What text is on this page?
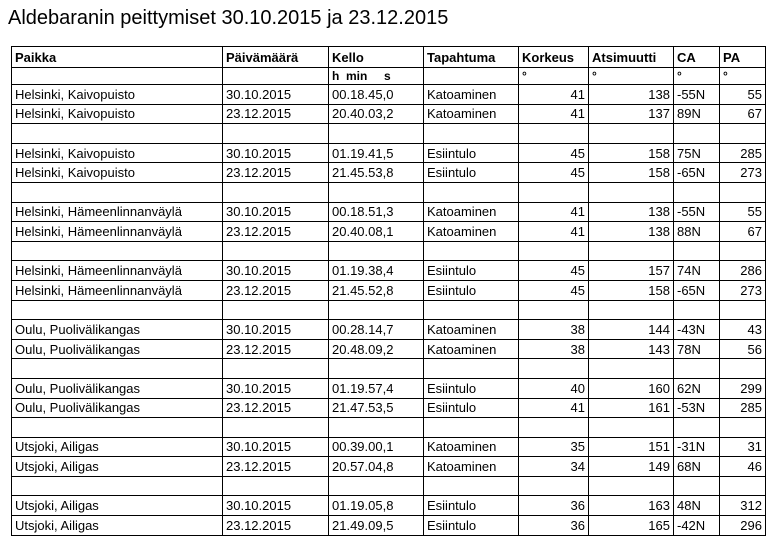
Aldebaranin peittymiset 30.10.2015 ja 23.12.2015
Paikka	Päivämäärä	Kello	Tapahtuma	Korkeus	Atsimuutti	CA	PA
		h  min     s		°	°	°	°
Helsinki, Kaivopuisto	30.10.2015	00.18.45,0	Katoaminen	41	138	-55N	55
Helsinki, Kaivopuisto	23.12.2015	20.40.03,2	Katoaminen	41	137	89N	67

Helsinki, Kaivopuisto	30.10.2015	01.19.41,5	Esiintulo	45	158	75N	285
Helsinki, Kaivopuisto	23.12.2015	21.45.53,8	Esiintulo	45	158	-65N	273

Helsinki, Hämeenlinnanväylä	30.10.2015	00.18.51,3	Katoaminen	41	138	-55N	55
Helsinki, Hämeenlinnanväylä	23.12.2015	20.40.08,1	Katoaminen	41	138	88N	67

Helsinki, Hämeenlinnanväylä	30.10.2015	01.19.38,4	Esiintulo	45	157	74N	286
Helsinki, Hämeenlinnanväylä	23.12.2015	21.45.52,8	Esiintulo	45	158	-65N	273

Oulu, Puolivälikangas	30.10.2015	00.28.14,7	Katoaminen	38	144	-43N	43
Oulu, Puolivälikangas	23.12.2015	20.48.09,2	Katoaminen	38	143	78N	56

Oulu, Puolivälikangas	30.10.2015	01.19.57,4	Esiintulo	40	160	62N	299
Oulu, Puolivälikangas	23.12.2015	21.47.53,5	Esiintulo	41	161	-53N	285

Utsjoki, Ailigas	30.10.2015	00.39.00,1	Katoaminen	35	151	-31N	31
Utsjoki, Ailigas	23.12.2015	20.57.04,8	Katoaminen	34	149	68N	46

Utsjoki, Ailigas	30.10.2015	01.19.05,8	Esiintulo	36	163	48N	312
Utsjoki, Ailigas	23.12.2015	21.49.09,5	Esiintulo	36	165	-42N	296
